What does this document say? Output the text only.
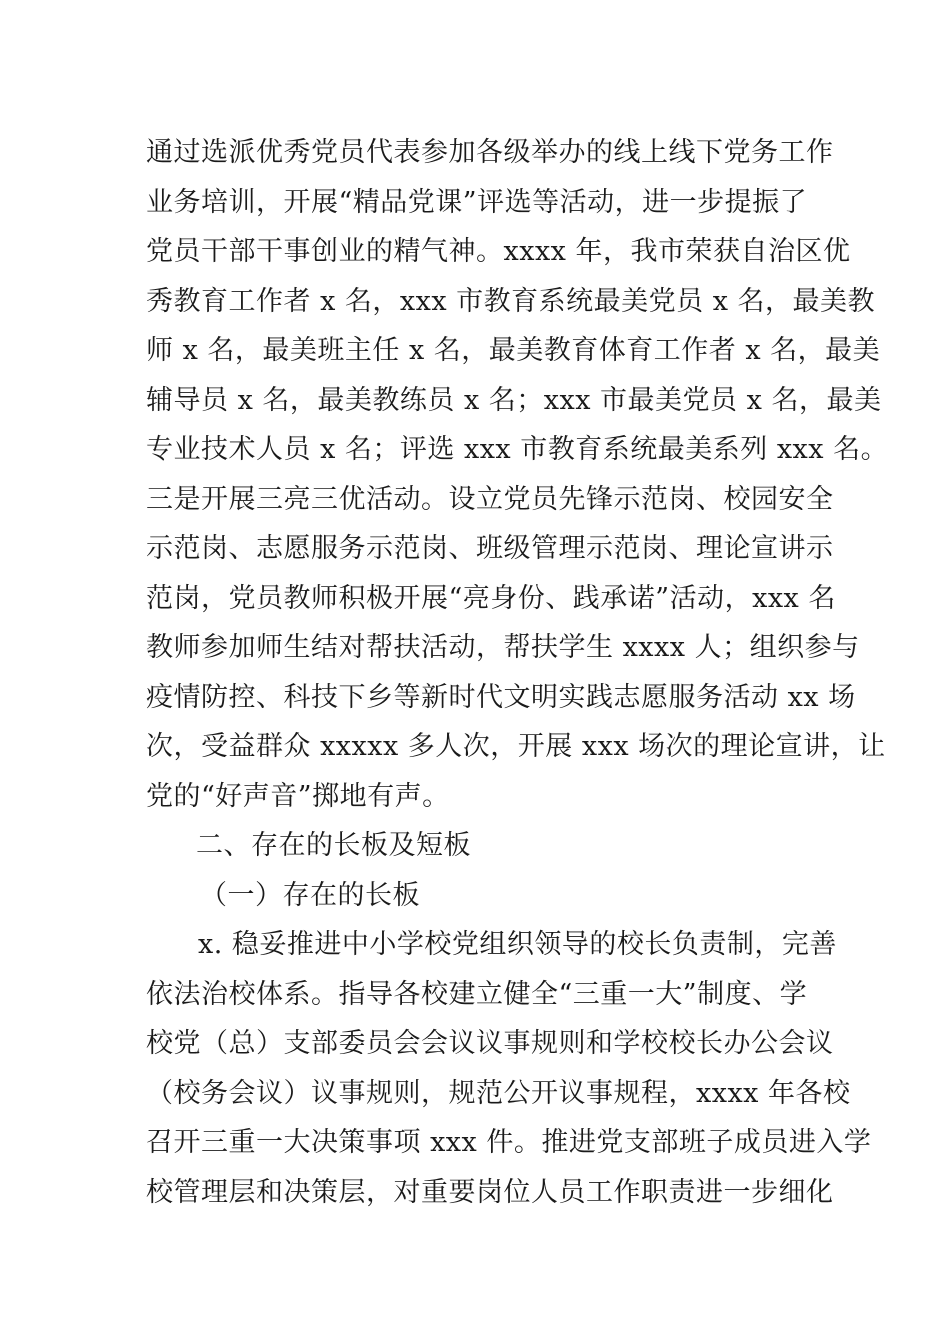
通过选派优秀党员代表参加各级举办的线上线下党务工作
业务培训，开展“精品党课”评选等活动，进一步提振了
党员干部干事创业的精气神。xxxx 年，我市荣获自治区优
秀教育工作者 x 名，xxx 市教育系统最美党员 x 名，最美教
师 x 名，最美班主任 x 名，最美教育体育工作者 x 名，最美
辅导员 x 名，最美教练员 x 名；xxx 市最美党员 x 名，最美
专业技术人员 x 名；评选 xxx 市教育系统最美系列 xxx 名。
三是开展三亮三优活动。设立党员先锋示范岗、校园安全
示范岗、志愿服务示范岗、班级管理示范岗、理论宣讲示
范岗，党员教师积极开展“亮身份、践承诺”活动，xxx 名
教师参加师生结对帮扶活动，帮扶学生 xxxx 人；组织参与
疫情防控、科技下乡等新时代文明实践志愿服务活动 xx 场
次，受益群众 xxxxx 多人次，开展 xxx 场次的理论宣讲，让
党的“好声音”掷地有声。
二、存在的长板及短板
（一）存在的长板
x. 稳妥推进中小学校党组织领导的校长负责制，完善
依法治校体系。指导各校建立健全“三重一大”制度、学
校党（总）支部委员会会议议事规则和学校校长办公会议
（校务会议）议事规则，规范公开议事规程，xxxx 年各校
召开三重一大决策事项 xxx 件。推进党支部班子成员进入学
校管理层和决策层，对重要岗位人员工作职责进一步细化
